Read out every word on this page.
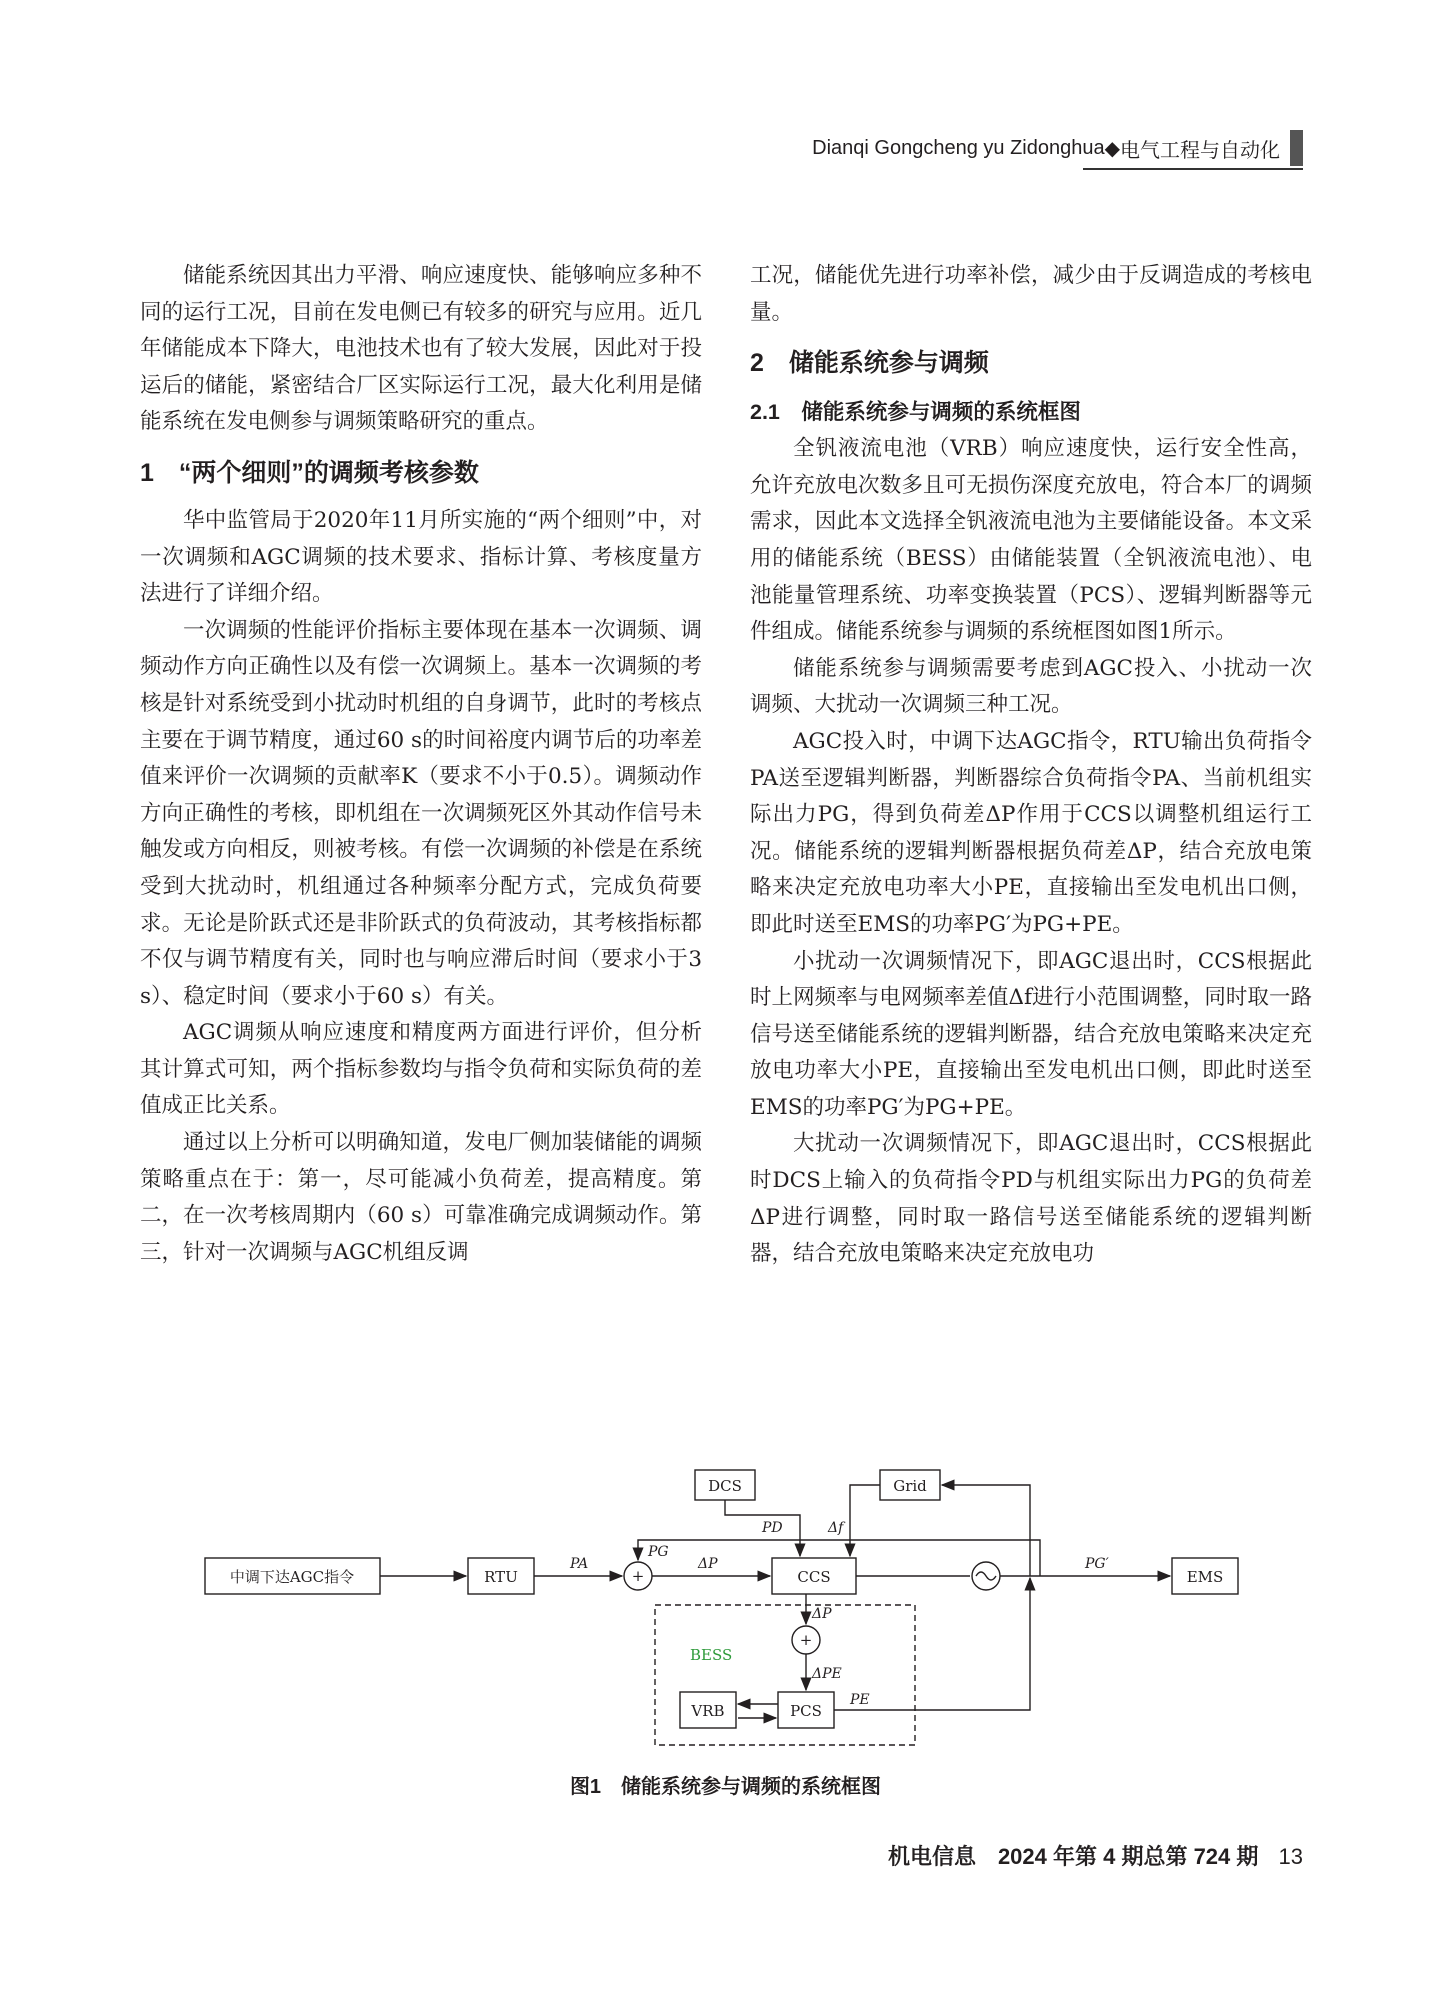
Dianqi Gongcheng yu Zidonghua ◆ 电气工程与自动化

储能系统因其出力平滑、响应速度快、能够响应多种不同的运行工况，目前在发电侧已有较多的研究与应用。近几年储能成本下降大，电池技术也有了较大发展，因此对于投运后的储能，紧密结合厂区实际运行工况，最大化利用是储能系统在发电侧参与调频策略研究的重点。

1　“两个细则”的调频考核参数

华中监管局于2020年11月所实施的“两个细则”中，对一次调频和AGC调频的技术要求、指标计算、考核度量方法进行了详细介绍。

一次调频的性能评价指标主要体现在基本一次调频、调频动作方向正确性以及有偿一次调频上。基本一次调频的考核是针对系统受到小扰动时机组的自身调节，此时的考核点主要在于调节精度，通过60 s的时间裕度内调节后的功率差值来评价一次调频的贡献率K（要求不小于0.5）。调频动作方向正确性的考核，即机组在一次调频死区外其动作信号未触发或方向相反，则被考核。有偿一次调频的补偿是在系统受到大扰动时，机组通过各种频率分配方式，完成负荷要求。无论是阶跃式还是非阶跃式的负荷波动，其考核指标都不仅与调节精度有关，同时也与响应滞后时间（要求小于3 s）、稳定时间（要求小于60 s）有关。

AGC调频从响应速度和精度两方面进行评价，但分析其计算式可知，两个指标参数均与指令负荷和实际负荷的差值成正比关系。

通过以上分析可以明确知道，发电厂侧加装储能的调频策略重点在于：第一，尽可能减小负荷差，提高精度。第二，在一次考核周期内（60 s）可靠准确完成调频动作。第三，针对一次调频与AGC机组反调

工况，储能优先进行功率补偿，减少由于反调造成的考核电量。

2　储能系统参与调频
2.1　储能系统参与调频的系统框图

全钒液流电池（VRB）响应速度快，运行安全性高，允许充放电次数多且可无损伤深度充放电，符合本厂的调频需求，因此本文选择全钒液流电池为主要储能设备。本文采用的储能系统（BESS）由储能装置（全钒液流电池）、电池能量管理系统、功率变换装置（PCS）、逻辑判断器等元件组成。储能系统参与调频的系统框图如图1所示。

储能系统参与调频需要考虑到AGC投入、小扰动一次调频、大扰动一次调频三种工况。

AGC投入时，中调下达AGC指令，RTU输出负荷指令PA送至逻辑判断器，判断器综合负荷指令PA、当前机组实际出力PG，得到负荷差ΔP作用于CCS以调整机组运行工况。储能系统的逻辑判断器根据负荷差ΔP，结合充放电策略来决定充放电功率大小PE，直接输出至发电机出口侧，即此时送至EMS的功率PG′为PG+PE。

小扰动一次调频情况下，即AGC退出时，CCS根据此时上网频率与电网频率差值Δf进行小范围调整，同时取一路信号送至储能系统的逻辑判断器，结合充放电策略来决定充放电功率大小PE，直接输出至发电机出口侧，即此时送至EMS的功率PG′为PG+PE。

大扰动一次调频情况下，即AGC退出时，CCS根据此时DCS上输入的负荷指令PD与机组实际出力PG的负荷差ΔP进行调整，同时取一路信号送至储能系统的逻辑判断器，结合充放电策略来决定充放电功

中调下达AGC指令	RTU	CCS	EMS
DCS	Grid
VRB	PCS
+
+
BESS
PA
PG
ΔP
PD	Δf
PG′
ΔP
ΔPE
PE
图1　储能系统参与调频的系统框图
机电信息　2024 年第 4 期总第 724 期 13
